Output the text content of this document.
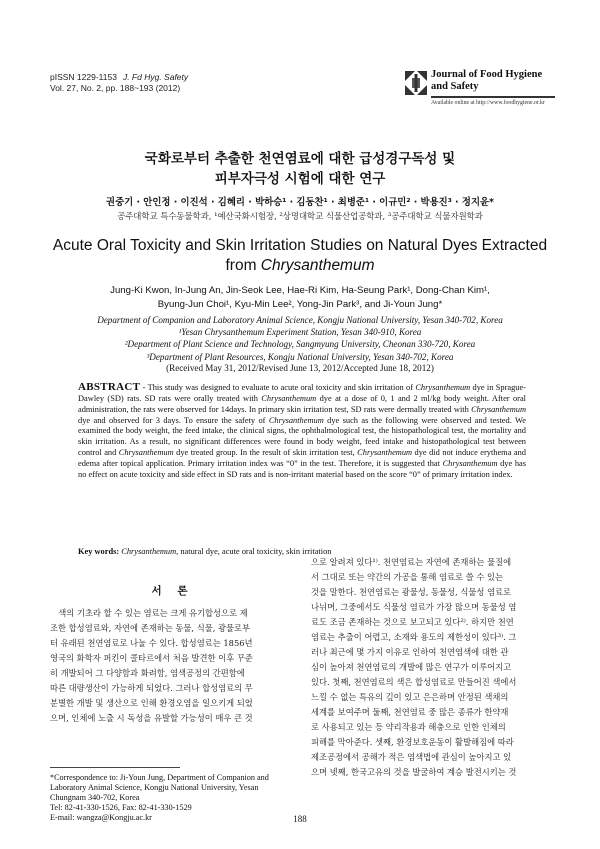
pISSN 1229-1153 J. Fd Hyg. Safety
Vol. 27, No. 2, pp. 188~193 (2012)
Journal of Food Hygiene
and Safety
Available online at http://www.foodhygiene.or.kr
국화로부터 추출한 천연염료에 대한 급성경구독성 및
피부자극성 시험에 대한 연구
권중기 · 안인정 · 이진석 · 김혜리 · 박하승¹ · 김동찬¹ · 최병준¹ · 이규민² · 박용진³ · 정지윤*
공주대학교 특수동물학과, ¹예산국화시험장, ²상명대학교 식물산업공학과, ³공주대학교 식물자원학과
Acute Oral Toxicity and Skin Irritation Studies on Natural Dyes Extracted
from Chrysanthemum
Jung-Ki Kwon, In-Jung An, Jin-Seok Lee, Hae-Ri Kim, Ha-Seung Park¹, Dong-Chan Kim¹,
Byung-Jun Choi¹, Kyu-Min Lee², Yong-Jin Park³, and Ji-Youn Jung*
Department of Companion and Laboratory Animal Science, Kongju National University, Yesan 340-702, Korea
¹Yesan Chrysanthemum Experiment Station, Yesan 340-910, Korea
²Department of Plant Science and Technology, Sangmyung University, Cheonan 330-720, Korea
³Department of Plant Resources, Kongju National University, Yesan 340-702, Korea
(Received May 31, 2012/Revised June 13, 2012/Accepted June 18, 2012)
ABSTRACT - This study was designed to evaluate to acute oral toxicity and skin irritation of Chrysanthemum dye in Sprague-Dawley (SD) rats. SD rats were orally treated with Chrysanthemum dye at a dose of 0, 1 and 2 ml/kg body weight. After oral administration, the rats were observed for 14days. In primary skin irritation test, SD rats were dermally treated with Chrysanthemum dye and observed for 3 days. To ensure the safety of Chrysanthemum dye such as the following were observed and tested. We examined the body weight, the feed intake, the clinical signs, the ophthalmological test, the histopathological test, the mortality and skin irritation. As a result, no significant differences were found in body weight, feed intake and histopathological test between control and Chrysanthemum dye treated group. In the result of skin irritation test, Chrysanthemum dye did not induce erythema and edema after topical application. Primary irritation index was “0” in the test. Therefore, it is suggested that Chrysanthemum dye has no effect on acute toxicity and side effect in SD rats and is non-irritant material based on the score “0” of primary irritation index.
Key words: Chrysanthemum, natural dye, acute oral toxicity, skin irritation
서 론
　색의 기초라 할 수 있는 염료는 크게 유기합성으로 제
조한 합성염료와, 자연에 존재하는 동물, 식물, 광물로부
터 유래된 천연염료로 나눌 수 있다. 합성염료는 1856년
영국의 화학자 퍼킨이 콜타르에서 처음 발견한 이후 꾸준
히 개발되어 그 다양함과 화려함, 염색공정의 간편함에
따른 대량생산이 가능하게 되었다. 그러나 합성염료의 무
분별한 개발 및 생산으로 인해 환경오염을 일으키게 되었
으며, 인체에 노출 시 독성을 유발할 가능성이 매우 큰 것
으로 알려져 있다¹⁾. 천연염료는 자연에 존재하는 물질에
서 그대로 또는 약간의 가공을 통해 염료로 쓸 수 있는
것을 말한다. 천연염료는 광물성, 동물성, 식물성 염료로
나뉘며, 그중에서도 식물성 염료가 가장 많으며 동물성 염
료도 조금 존재하는 것으로 보고되고 있다²⁾. 하지만 천연
염료는 추출이 어렵고, 소재와 용도의 제한성이 있다³⁾. 그
러나 최근에 몇 가지 이유로 인하여 천연염색에 대한 관
심이 높아져 천연염료의 개발에 많은 연구가 이루어지고
있다. 첫째, 천연염료의 색은 합성염료로 만들어진 색에서
느낄 수 없는 특유의 깊이 있고 은은하며 안정된 색채의
세계를 보여주며 둘째, 천연염료 중 많은 종류가 한약재
로 사용되고 있는 등 약리작용과 해충으로 인한 인체의
피해를 막아준다. 셋째, 환경보호운동이 활발해짐에 따라
제조공정에서 공해가 적은 염색법에 관심이 높아지고 있
으며 넷째, 한국고유의 것을 발굴하여 계승 발전시키는 것
*Correspondence to: Ji-Youn Jung, Department of Companion and
Laboratory Animal Science, Kongju National University, Yesan
Chungnam 340-702, Korea
Tel: 82-41-330-1526, Fax: 82-41-330-1529
E-mail: wangza@Kongju.ac.kr	188
